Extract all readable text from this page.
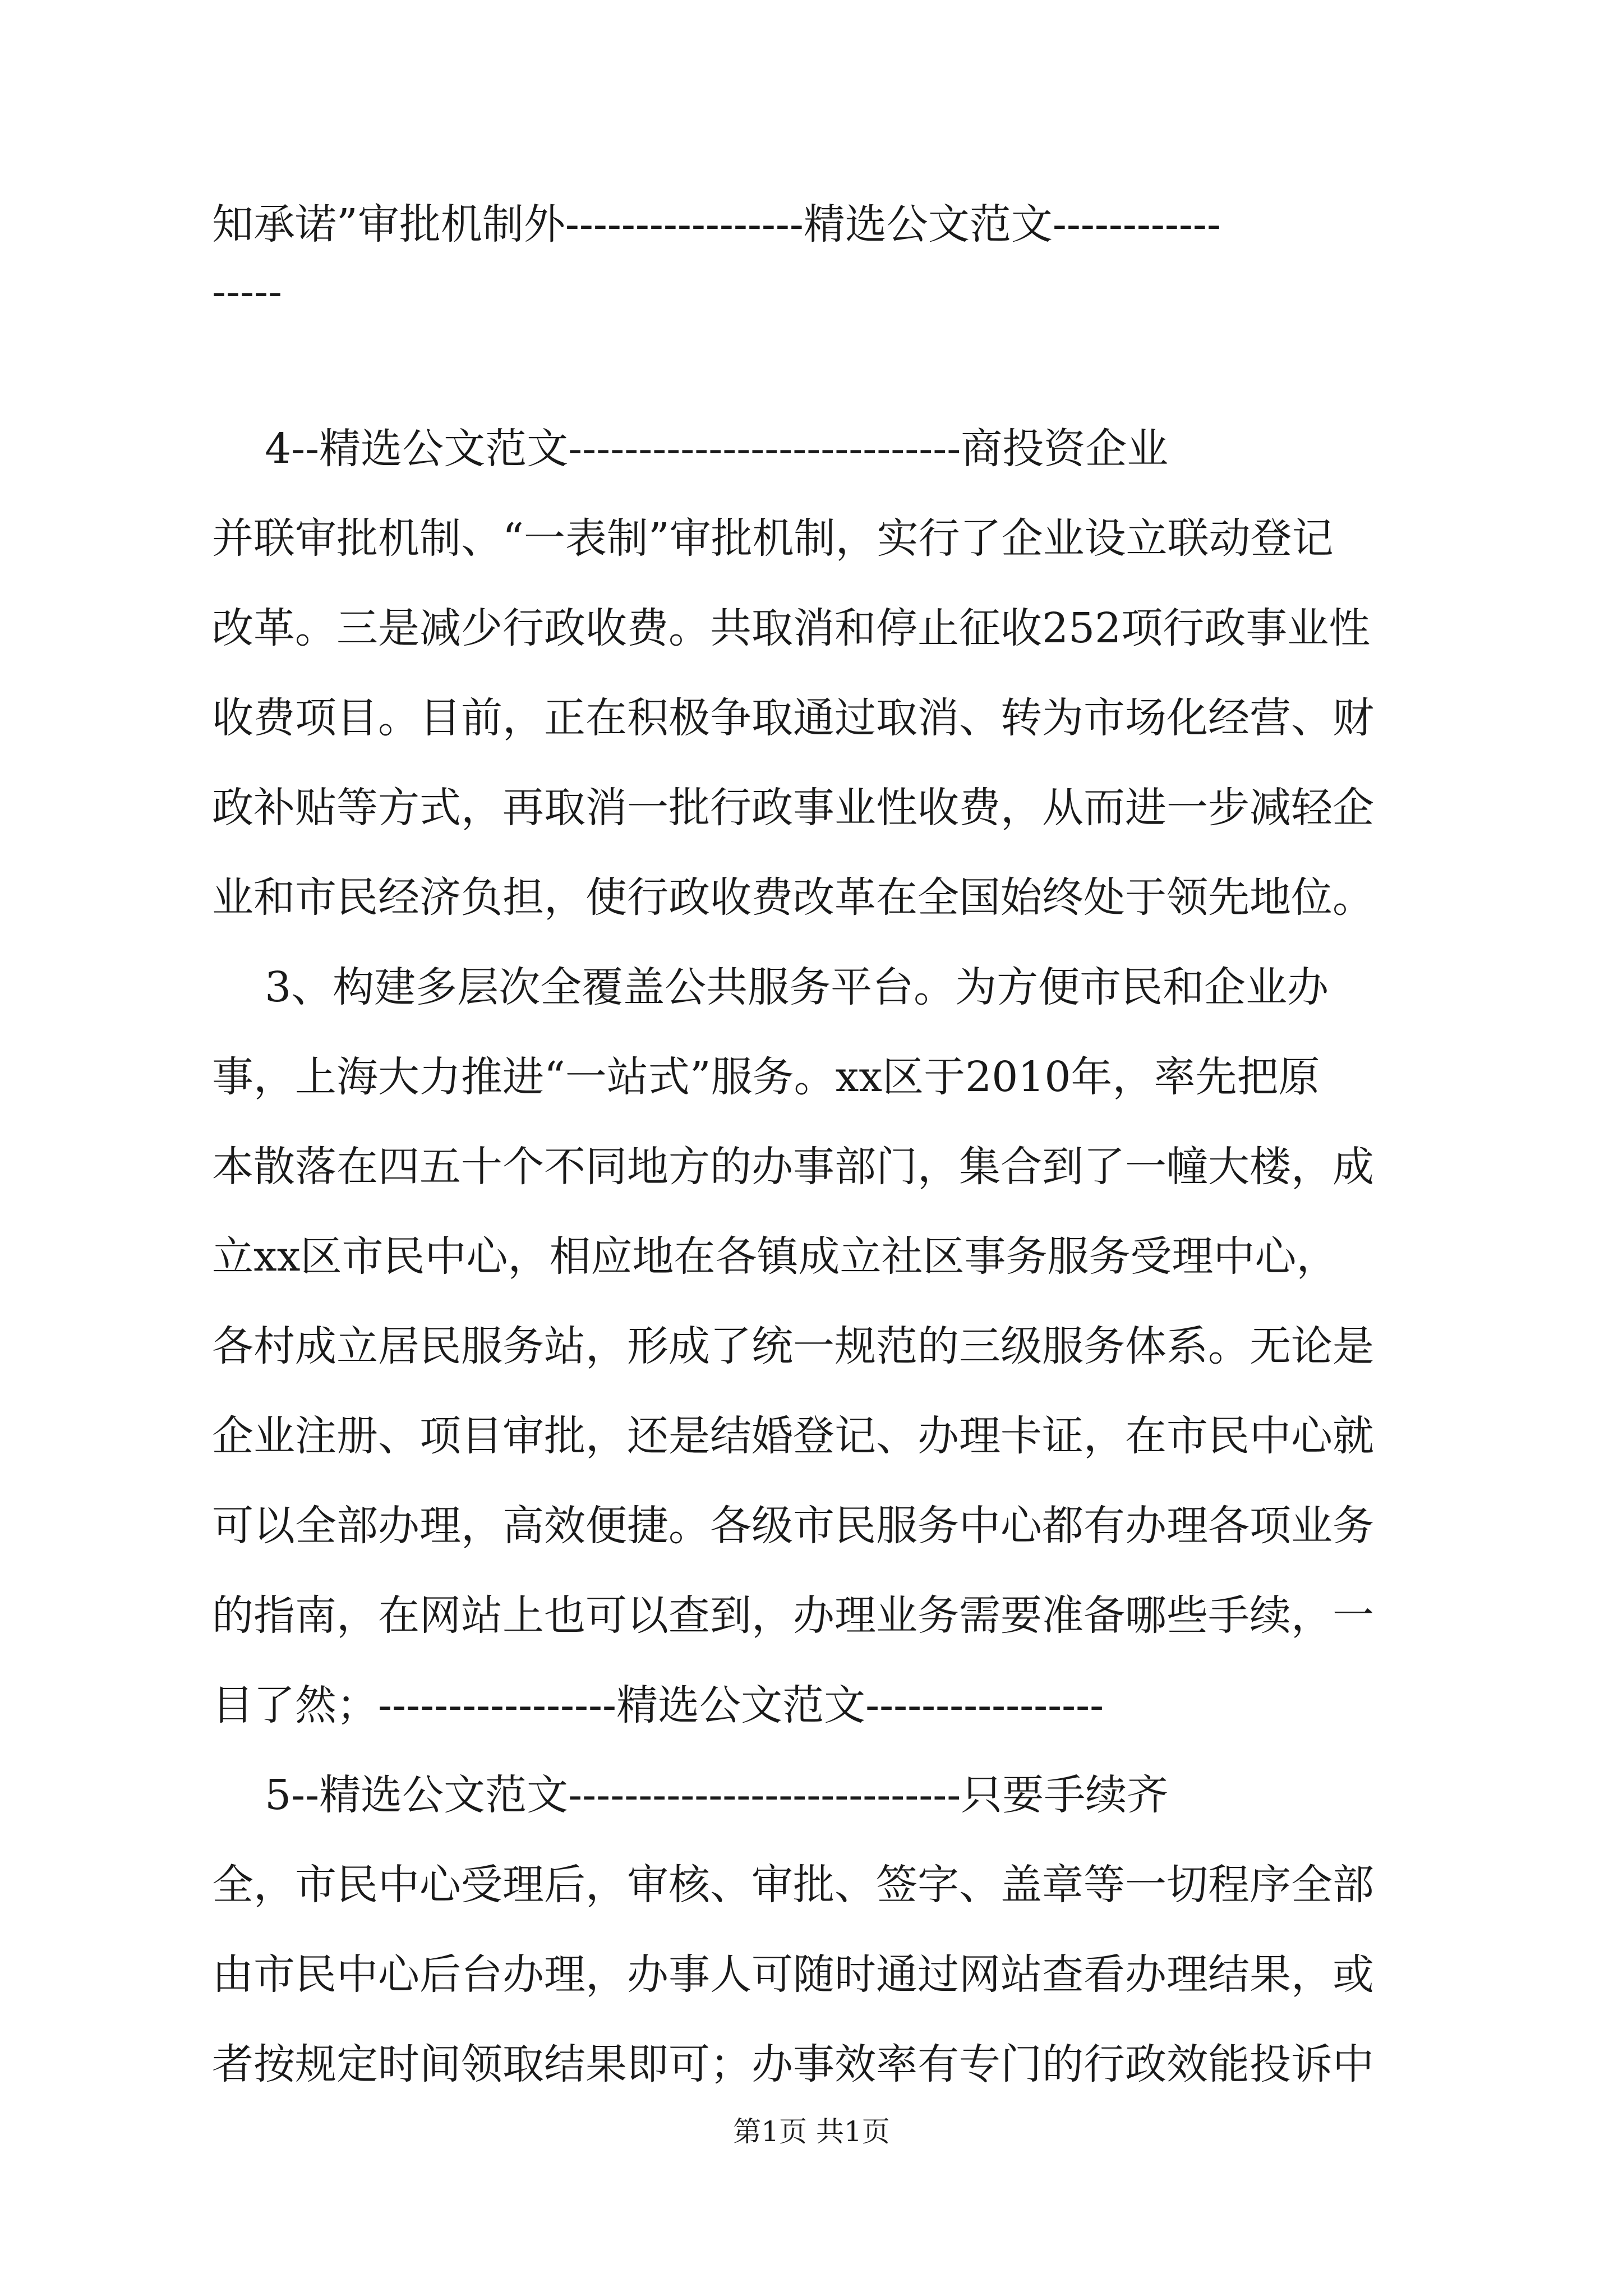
知承诺”审批机制外-----------------精选公文范文------------
-----
4--精选公文范文----------------------------商投资企业
并联审批机制、“一表制”审批机制，实行了企业设立联动登记
改革。三是减少行政收费。共取消和停止征收252项行政事业性
收费项目。目前，正在积极争取通过取消、转为市场化经营、财
政补贴等方式，再取消一批行政事业性收费，从而进一步减轻企
业和市民经济负担，使行政收费改革在全国始终处于领先地位。
3、构建多层次全覆盖公共服务平台。为方便市民和企业办
事，上海大力推进“一站式”服务。xx区于2010年，率先把原
本散落在四五十个不同地方的办事部门，集合到了一幢大楼，成
立xx区市民中心，相应地在各镇成立社区事务服务受理中心，
各村成立居民服务站，形成了统一规范的三级服务体系。无论是
企业注册、项目审批，还是结婚登记、办理卡证，在市民中心就
可以全部办理，高效便捷。各级市民服务中心都有办理各项业务
的指南，在网站上也可以查到，办理业务需要准备哪些手续，一
目了然；-----------------精选公文范文-----------------
5--精选公文范文----------------------------只要手续齐
全，市民中心受理后，审核、审批、签字、盖章等一切程序全部
由市民中心后台办理，办事人可随时通过网站查看办理结果，或
者按规定时间领取结果即可；办事效率有专门的行政效能投诉中
第1页 共1页
